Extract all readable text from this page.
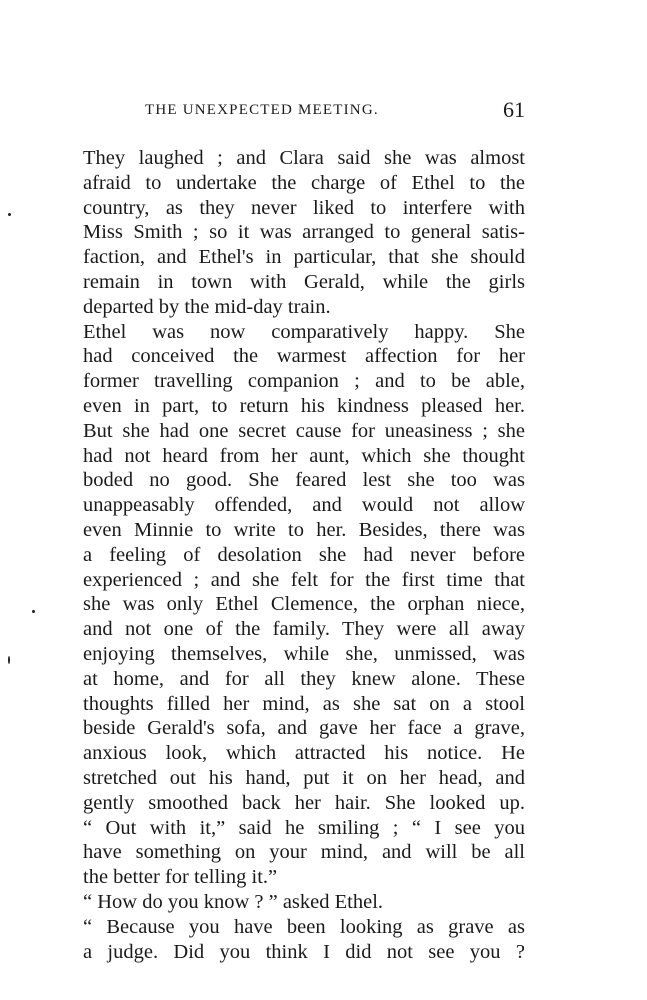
THE UNEXPECTED MEETING.	61
They laughed ; and Clara said she was almost
afraid to undertake the charge of Ethel to the
country, as they never liked to interfere with
Miss Smith ; so it was arranged to general satis-
faction, and Ethel's in particular, that she should
remain in town with Gerald, while the girls
departed by the mid-day train.
Ethel was now comparatively happy. She
had conceived the warmest affection for her
former travelling companion ; and to be able,
even in part, to return his kindness pleased her.
But she had one secret cause for uneasiness ; she
had not heard from her aunt, which she thought
boded no good. She feared lest she too was
unappeasably offended, and would not allow
even Minnie to write to her. Besides, there was
a feeling of desolation she had never before
experienced ; and she felt for the first time that
she was only Ethel Clemence, the orphan niece,
and not one of the family. They were all away
enjoying themselves, while she, unmissed, was
at home, and for all they knew alone. These
thoughts filled her mind, as she sat on a stool
beside Gerald's sofa, and gave her face a grave,
anxious look, which attracted his notice. He
stretched out his hand, put it on her head, and
gently smoothed back her hair. She looked up.
“ Out with it,” said he smiling ; “ I see you
have something on your mind, and will be all
the better for telling it.”
“ How do you know ? ” asked Ethel.
“ Because you have been looking as grave as
a judge. Did you think I did not see you ?
